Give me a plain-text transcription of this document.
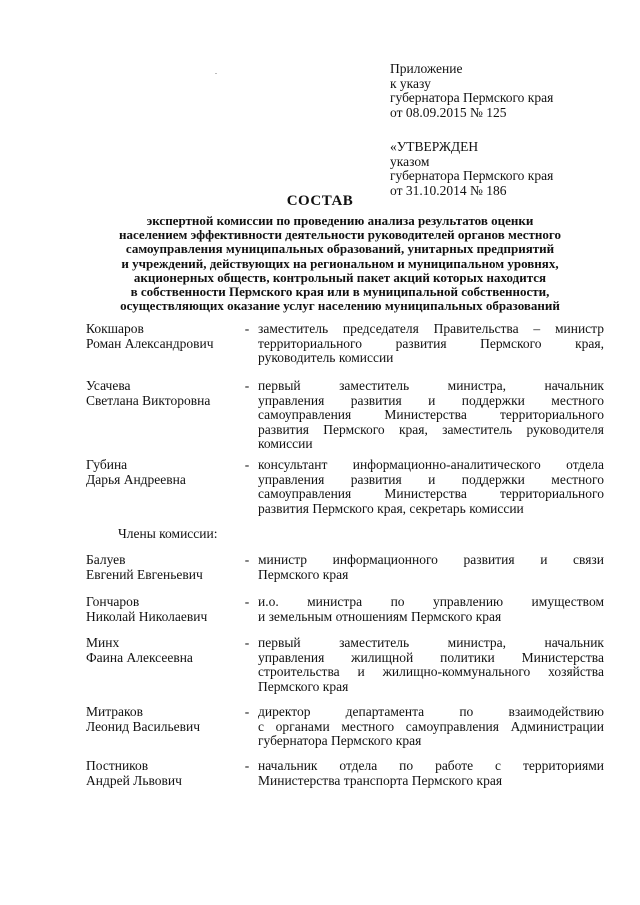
Приложение
к указу
губернатора Пермского края
от 08.09.2015 № 125
«УТВЕРЖДЕН
указом
губернатора Пермского края
от 31.10.2014 № 186
СОСТАВ
экспертной комиссии по проведению анализа результатов оценки
населением эффективности деятельности руководителей органов местного
самоуправления муниципальных образований, унитарных предприятий
и учреждений, действующих на региональном и муниципальном уровнях,
акционерных обществ, контрольный пакет акций которых находится
в собственности Пермского края или в муниципальной собственности,
осуществляющих оказание услуг населению муниципальных образований
Кокшаров
Роман Александрович
- заместитель председателя Правительства – министр
территориального развития Пермского края,
руководитель комиссии
Усачева
Светлана Викторовна
- первый заместитель министра, начальник
управления развития и поддержки местного
самоуправления Министерства территориального
развития Пермского края, заместитель руководителя
комиссии
Губина
Дарья Андреевна
- консультант информационно-аналитического отдела
управления развития и поддержки местного
самоуправления Министерства территориального
развития Пермского края, секретарь комиссии
Члены комиссии:
Балуев
Евгений Евгеньевич
- министр информационного развития и связи
Пермского края
Гончаров
Николай Николаевич
- и.о. министра по управлению имуществом
и земельным отношениям Пермского края
Минх
Фаина Алексеевна
- первый заместитель министра, начальник
управления жилищной политики Министерства
строительства и жилищно-коммунального хозяйства
Пермского края
Митраков
Леонид Васильевич
- директор департамента по взаимодействию
с органами местного самоуправления Администрации
губернатора Пермского края
Постников
Андрей Львович
- начальник отдела по работе с территориями
Министерства транспорта Пермского края
